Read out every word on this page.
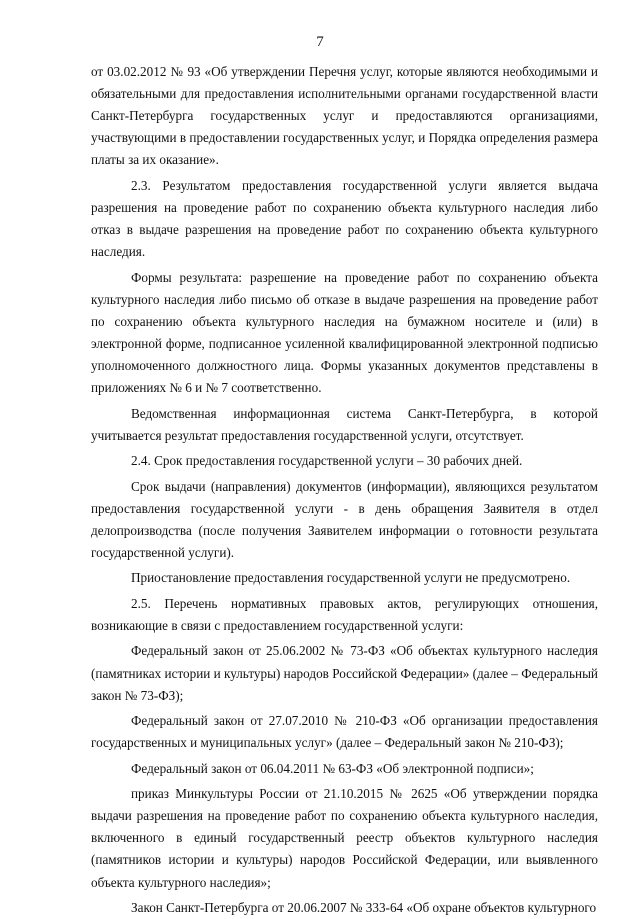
7

от 03.02.2012 № 93 «Об утверждении Перечня услуг, которые являются необходимыми и обязательными для предоставления исполнительными органами государственной власти Санкт-Петербурга государственных услуг и предоставляются организациями, участвующими в предоставлении государственных услуг, и Порядка определения размера платы за их оказание».

2.3. Результатом предоставления государственной услуги является выдача разрешения на проведение работ по сохранению объекта культурного наследия либо отказ в выдаче разрешения на проведение работ по сохранению объекта культурного наследия.

Формы результата: разрешение на проведение работ по сохранению объекта культурного наследия либо письмо об отказе в выдаче разрешения на проведение работ по сохранению объекта культурного наследия на бумажном носителе и (или) в электронной форме, подписанное усиленной квалифицированной электронной подписью уполномоченного должностного лица. Формы указанных документов представлены в приложениях № 6 и № 7 соответственно.

Ведомственная информационная система Санкт-Петербурга, в которой учитывается результат предоставления государственной услуги, отсутствует.

2.4. Срок предоставления государственной услуги – 30 рабочих дней.

Срок выдачи (направления) документов (информации), являющихся результатом предоставления государственной услуги - в день обращения Заявителя в отдел делопроизводства (после получения Заявителем информации о готовности результата государственной услуги).

Приостановление предоставления государственной услуги не предусмотрено.

2.5. Перечень нормативных правовых актов, регулирующих отношения, возникающие в связи с предоставлением государственной услуги:

Федеральный закон от 25.06.2002 № 73-ФЗ «Об объектах культурного наследия (памятниках истории и культуры) народов Российской Федерации» (далее – Федеральный закон № 73-ФЗ);

Федеральный закон от 27.07.2010 № 210-ФЗ «Об организации предоставления государственных и муниципальных услуг» (далее – Федеральный закон № 210-ФЗ);

Федеральный закон от 06.04.2011 № 63-ФЗ «Об электронной подписи»;

приказ Минкультуры России от 21.10.2015 № 2625 «Об утверждении порядка выдачи разрешения на проведение работ по сохранению объекта культурного наследия, включенного в единый государственный реестр объектов культурного наследия (памятников истории и культуры) народов Российской Федерации, или выявленного объекта культурного наследия»;

Закон Санкт-Петербурга от 20.06.2007 № 333-64 «Об охране объектов культурного
